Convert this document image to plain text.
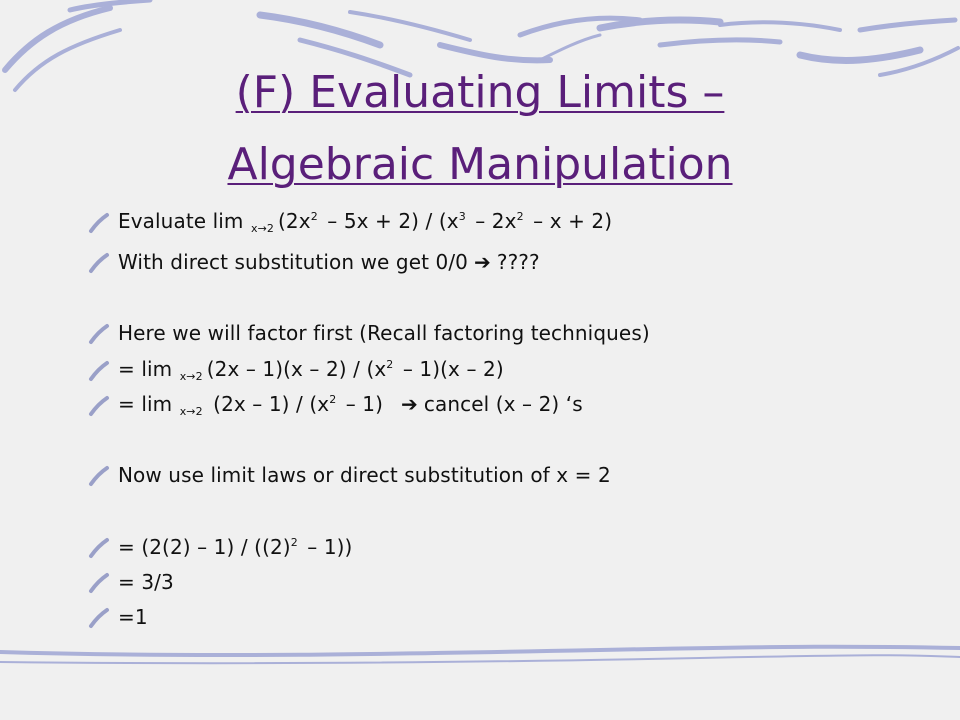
(F) Evaluating Limits –
Algebraic Manipulation
Evaluate lim $_{x\to 2}$ $(2x^2 - 5x + 2) / (x^3 - 2x^2 - x + 2)$
With direct substitution we get 0/0 ➔ ????
Here we will factor first (Recall factoring techniques)
= lim $_{x\to 2}$ $(2x - 1)(x - 2) / (x^2 - 1)(x - 2)$
= lim $_{x\to 2}$ $(2x - 1) / (x^2 - 1)$ ➔ cancel (x – 2) ‘s
Now use limit laws or direct substitution of x = 2
= $(2(2) - 1) / ((2)^2 - 1)$)
= 3/3
=1
